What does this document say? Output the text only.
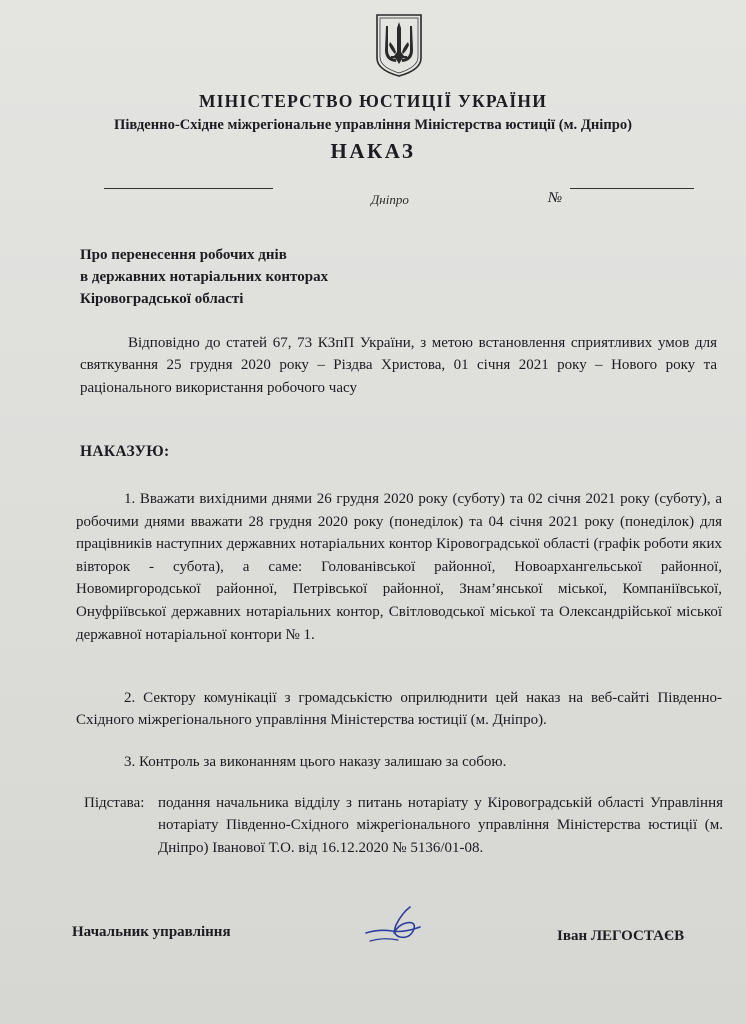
МІНІСТЕРСТВО ЮСТИЦІЇ УКРАЇНИ
Південно-Східне міжрегіональне управління Міністерства юстиції (м. Дніпро)
НАКАЗ
Дніпро	№
Про перенесення робочих днів
в державних нотаріальних конторах
Кіровоградської області

Відповідно до статей 67, 73 КЗпП України, з метою встановлення сприятливих умов для святкування 25 грудня 2020 року – Різдва Христова, 01 січня 2021 року – Нового року та раціонального використання робочого часу

НАКАЗУЮ:

1. Вважати вихідними днями 26 грудня 2020 року (суботу) та 02 січня 2021 року (суботу), а робочими днями вважати 28 грудня 2020 року (понеділок) та 04 січня 2021 року (понеділок) для працівників наступних державних нотаріальних контор Кіровоградської області (графік роботи яких вівторок - субота), а саме: Голованівської районної, Новоархангельської районної, Новомиргородської районної, Петрівської районної, Знам’янської міської, Компаніївської, Онуфріївської державних нотаріальних контор, Світловодської міської та Олександрійської міської державної нотаріальної контори № 1.

2. Сектору комунікації з громадськістю оприлюднити цей наказ на веб-сайті Південно-Східного міжрегіонального управління Міністерства юстиції (м. Дніпро).

3. Контроль за виконанням цього наказу залишаю за собою.

Підстава: подання начальника відділу з питань нотаріату у Кіровоградській області Управління нотаріату Південно-Східного міжрегіонального управління Міністерства юстиції (м. Дніпро) Іванової Т.О. від 16.12.2020 № 5136/01-08.

Начальник управління	Іван ЛЕГОСТАЄВ
